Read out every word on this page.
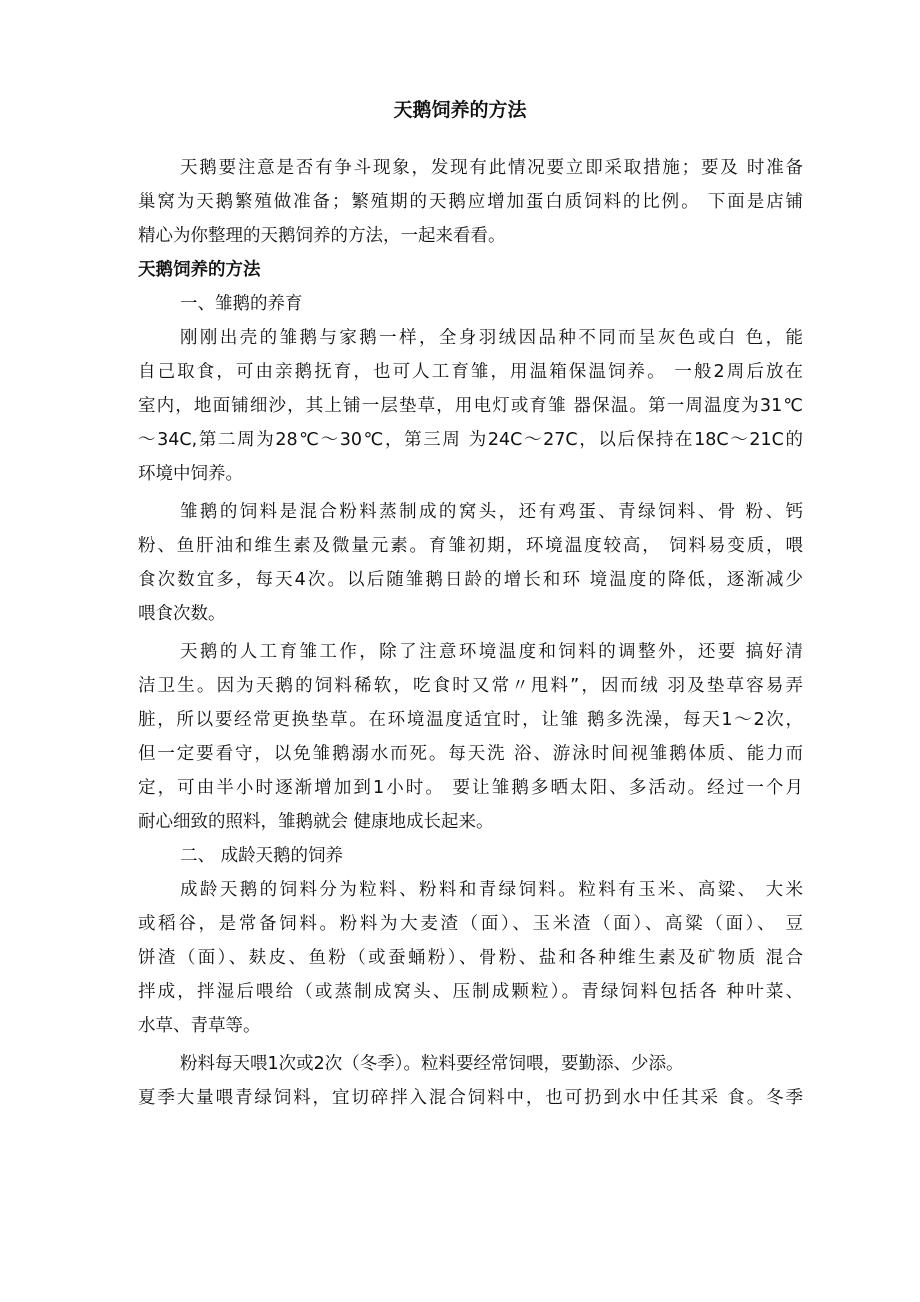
天鹅饲养的方法
天鹅要注意是否有争斗现象，发现有此情况要立即采取措施；要及 时准备
巢窝为天鹅繁殖做准备；繁殖期的天鹅应增加蛋白质饲料的比例。 下面是店铺
精心为你整理的天鹅饲养的方法，一起来看看。
天鹅饲养的方法
一、雏鹅的养育
刚刚出壳的雏鹅与家鹅一样，全身羽绒因品种不同而呈灰色或白 色，能
自己取食，可由亲鹅抚育，也可人工育雏，用温箱保温饲养。 一般2周后放在
室内，地面铺细沙，其上铺一层垫草，用电灯或育雏 器保温。第一周温度为31℃
〜34C,第二周为28℃〜30℃，第三周 为24C〜27C，以后保持在18C〜21C的
环境中饲养。
雏鹅的饲料是混合粉料蒸制成的窝头，还有鸡蛋、青绿饲料、骨 粉、钙
粉、鱼肝油和维生素及微量元素。育雏初期，环境温度较高， 饲料易变质，喂
食次数宜多，每天4次。以后随雏鹅日龄的增长和环 境温度的降低，逐渐减少
喂食次数。
天鹅的人工育雏工作，除了注意环境温度和饲料的调整外，还要 搞好清
洁卫生。因为天鹅的饲料稀软，吃食时又常〃甩料”，因而绒 羽及垫草容易弄
脏，所以要经常更换垫草。在环境温度适宜时，让雏 鹅多洗澡，每天1〜2次，
但一定要看守，以免雏鹅溺水而死。每天洗 浴、游泳时间视雏鹅体质、能力而
定，可由半小时逐渐增加到1小时。 要让雏鹅多晒太阳、多活动。经过一个月
耐心细致的照料，雏鹅就会 健康地成长起来。
二、 成龄天鹅的饲养
成龄天鹅的饲料分为粒料、粉料和青绿饲料。粒料有玉米、高粱、 大米
或稻谷，是常备饲料。粉料为大麦渣（面）、玉米渣（面）、高粱（面）、 豆
饼渣（面）、麸皮、鱼粉（或蚕蛹粉）、骨粉、盐和各种维生素及矿物质 混合
拌成，拌湿后喂给（或蒸制成窝头、压制成颗粒）。青绿饲料包括各 种叶菜、
水草、青草等。
粉料每天喂1次或2次（冬季）。粒料要经常饲喂，要勤添、少添。
夏季大量喂青绿饲料，宜切碎拌入混合饲料中，也可扔到水中任其采 食。冬季
